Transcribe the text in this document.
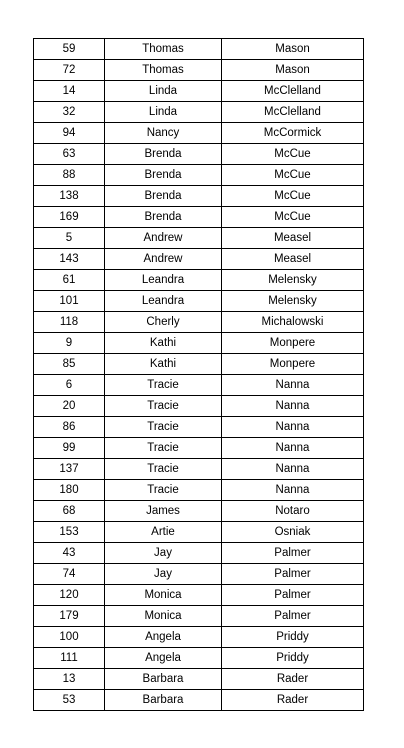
59	Thomas	Mason
72	Thomas	Mason
14	Linda	McClelland
32	Linda	McClelland
94	Nancy	McCormick
63	Brenda	McCue
88	Brenda	McCue
138	Brenda	McCue
169	Brenda	McCue
5	Andrew	Measel
143	Andrew	Measel
61	Leandra	Melensky
101	Leandra	Melensky
118	Cherly	Michalowski
9	Kathi	Monpere
85	Kathi	Monpere
6	Tracie	Nanna
20	Tracie	Nanna
86	Tracie	Nanna
99	Tracie	Nanna
137	Tracie	Nanna
180	Tracie	Nanna
68	James	Notaro
153	Artie	Osniak
43	Jay	Palmer
74	Jay	Palmer
120	Monica	Palmer
179	Monica	Palmer
100	Angela	Priddy
111	Angela	Priddy
13	Barbara	Rader
53	Barbara	Rader
